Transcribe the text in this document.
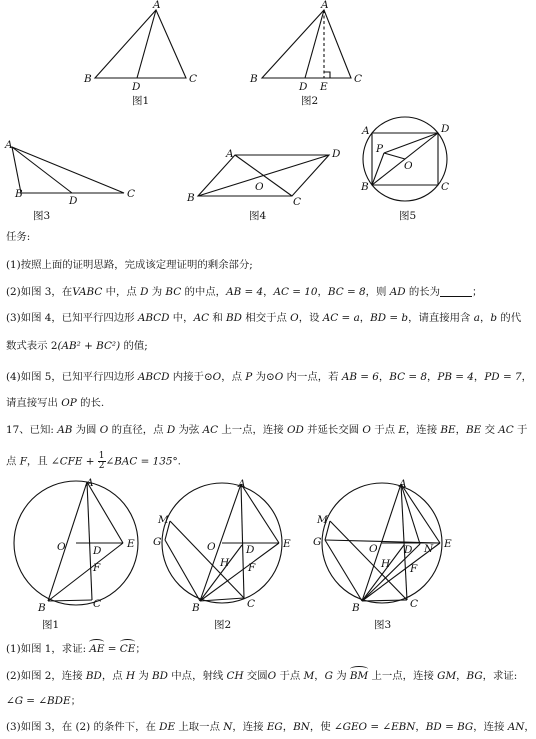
A
B
D
C
图1
A
B
D E
C
图2
A
B
D
C
图3
A	D
O
B	C
图4
A	D
P
O
B	C
图5
A
O	D
E
F
B	C
图1
A
M
G	O
H
D	E
F
B	C
图2
A
M
G
O
H
D N E
F
B	C
图3
任务:
(1)按照上面的证明思路，完成该定理证明的剩余部分;
(2)如图 3，在VABC 中，点 D 为 BC 的中点，AB = 4，AC = 10，BC = 8，则 AD 的长为	；
(3)如图 4，已知平行四边形 ABCD 中，AC 和 BD 相交于点 O，设 AC = a，BD = b，请直接用含 a，b 的代
数式表示 2(AB² + BC²) 的值;
(4)如图 5，已知平行四边形 ABCD 内接于⊙O，点 P 为⊙O 内一点，若 AB = 6，BC = 8，PB = 4，PD = 7，
请直接写出 OP 的长.
17、已知: AB 为圆 O 的直径，点 D 为弦 AC 上一点，连接 OD 并延长交圆 O 于点 E，连接 BE，BE 交 AC 于
点 F，且 ∠CFE + $\frac{1}{2}$ ∠BAC = 135°.
(1)如图 1，求证: AE = CE；
(2)如图 2，连接 BD，点 H 为 BD 中点，射线 CH 交圆O 于点 M，G 为 BM 上一点，连接 GM，BG，求证:
∠G = ∠BDE；
(3)如图 3，在 (2) 的条件下，在 DE 上取一点 N，连接 EG，BN，使 ∠GEO = ∠EBN，BD = BG，连接 AN，
